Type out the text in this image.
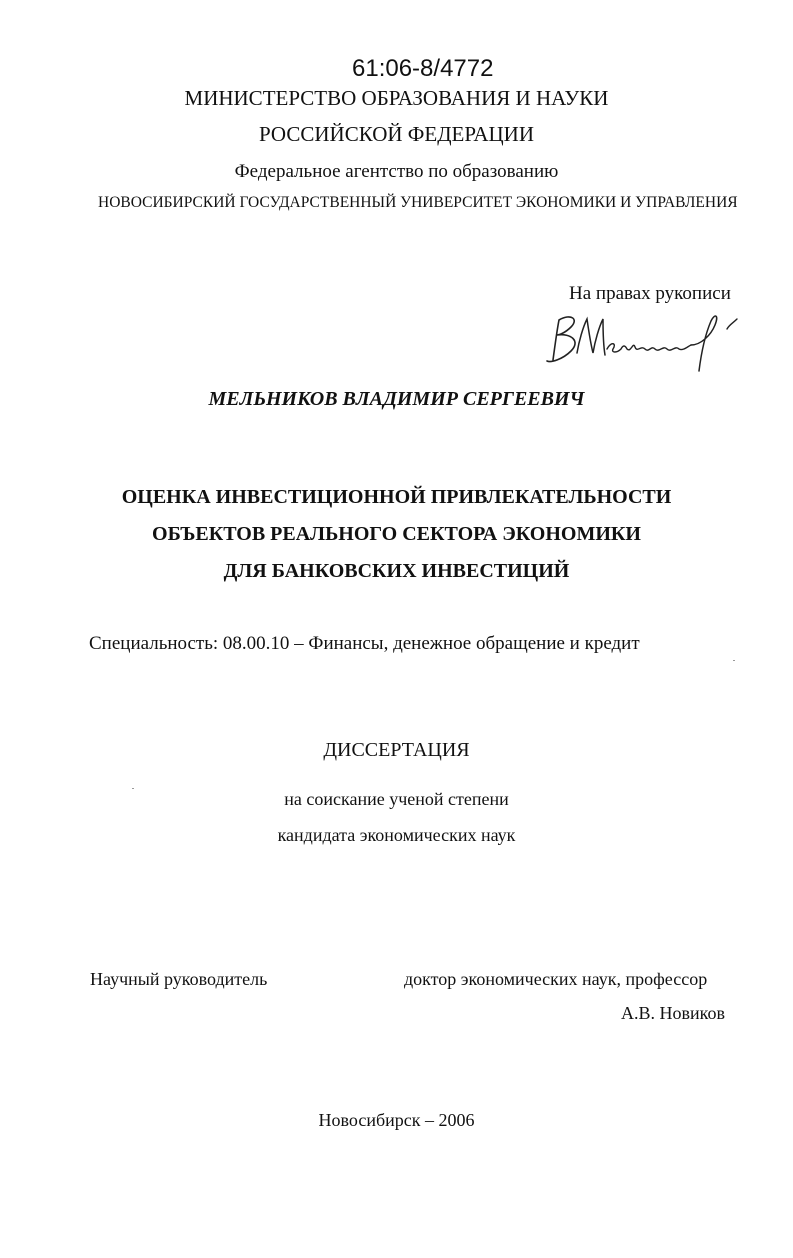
61:06-8/4772
МИНИСТЕРСТВО ОБРАЗОВАНИЯ И НАУКИ
РОССИЙСКОЙ ФЕДЕРАЦИИ
Федеральное агентство по образованию
НОВОСИБИРСКИЙ ГОСУДАРСТВЕННЫЙ УНИВЕРСИТЕТ ЭКОНОМИКИ И УПРАВЛЕНИЯ
На правах рукописи
МЕЛЬНИКОВ ВЛАДИМИР СЕРГЕЕВИЧ
ОЦЕНКА ИНВЕСТИЦИОННОЙ ПРИВЛЕКАТЕЛЬНОСТИ
ОБЪЕКТОВ РЕАЛЬНОГО СЕКТОРА ЭКОНОМИКИ
ДЛЯ БАНКОВСКИХ ИНВЕСТИЦИЙ
Специальность: 08.00.10 – Финансы, денежное обращение и кредит
ДИССЕРТАЦИЯ
на соискание ученой степени
кандидата экономических наук
Научный руководитель	доктор экономических наук, профессор
А.В. Новиков
Новосибирск – 2006
